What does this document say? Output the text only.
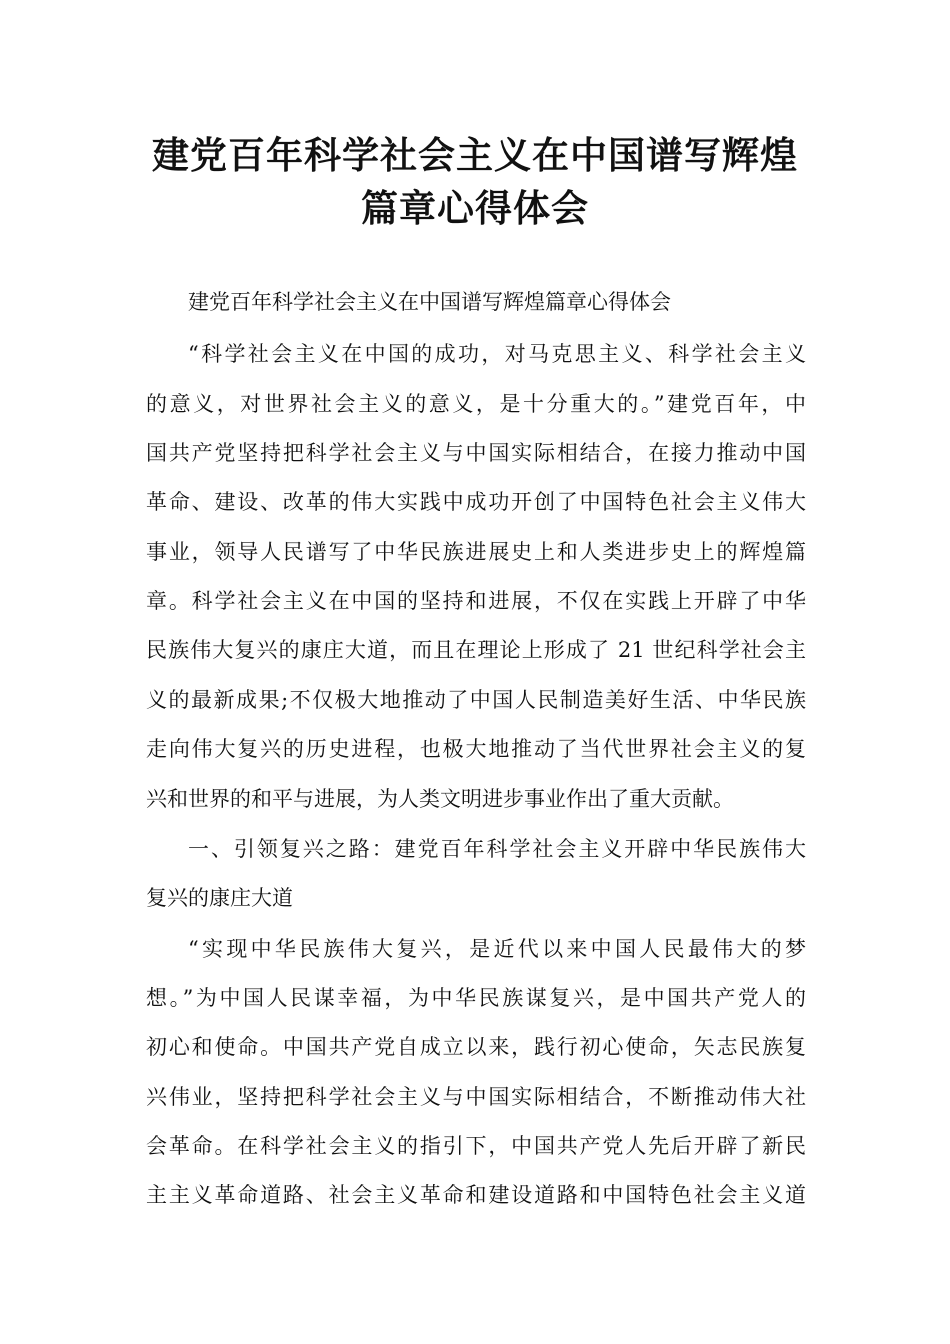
建党百年科学社会主义在中国谱写辉煌
篇章心得体会
建党百年科学社会主义在中国谱写辉煌篇章心得体会
“科学社会主义在中国的成功，对马克思主义、科学社会主义
的意义，对世界社会主义的意义，是十分重大的。”建党百年，中
国共产党坚持把科学社会主义与中国实际相结合，在接力推动中国
革命、建设、改革的伟大实践中成功开创了中国特色社会主义伟大
事业，领导人民谱写了中华民族进展史上和人类进步史上的辉煌篇
章。科学社会主义在中国的坚持和进展，不仅在实践上开辟了中华
民族伟大复兴的康庄大道，而且在理论上形成了 21 世纪科学社会主
义的最新成果;不仅极大地推动了中国人民制造美好生活、中华民族
走向伟大复兴的历史进程，也极大地推动了当代世界社会主义的复
兴和世界的和平与进展，为人类文明进步事业作出了重大贡献。
一、引领复兴之路：建党百年科学社会主义开辟中华民族伟大
复兴的康庄大道
“实现中华民族伟大复兴，是近代以来中国人民最伟大的梦
想。”为中国人民谋幸福，为中华民族谋复兴，是中国共产党人的
初心和使命。中国共产党自成立以来，践行初心使命，矢志民族复
兴伟业，坚持把科学社会主义与中国实际相结合，不断推动伟大社
会革命。在科学社会主义的指引下，中国共产党人先后开辟了新民
主主义革命道路、社会主义革命和建设道路和中国特色社会主义道
